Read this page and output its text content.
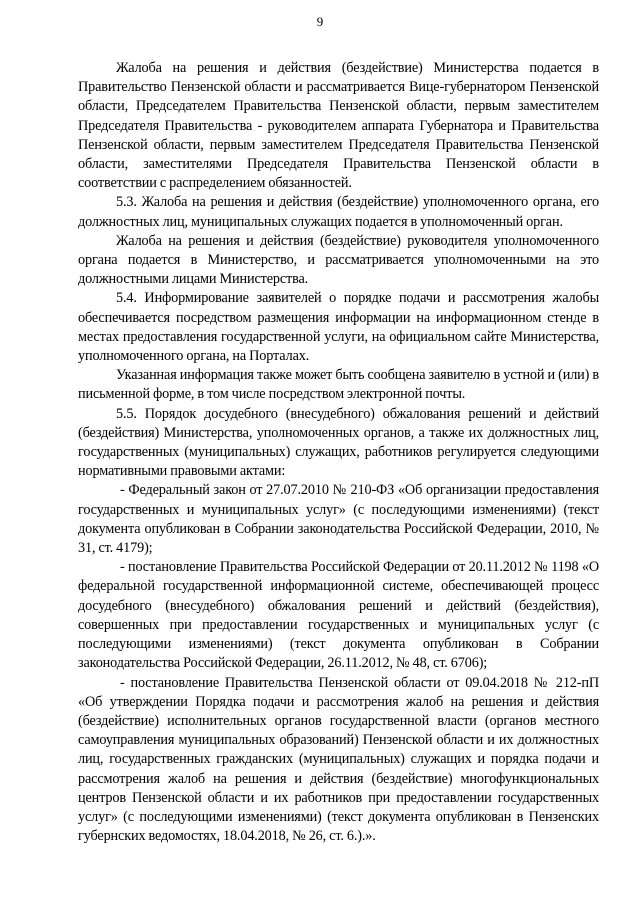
9

Жалоба на решения и действия (бездействие) Министерства подается в Правительство Пензенской области и рассматривается Вице-губернатором Пензенской области, Председателем Правительства Пензенской области, первым заместителем Председателя Правительства - руководителем аппарата Губернатора и Правительства Пензенской области, первым заместителем Председателя Правительства Пензенской области, заместителями Председателя Правительства Пензенской области в соответствии с распределением обязанностей.

5.3. Жалоба на решения и действия (бездействие) уполномоченного органа, его должностных лиц, муниципальных служащих подается в уполномоченный орган.

Жалоба на решения и действия (бездействие) руководителя уполномоченного органа подается в Министерство, и рассматривается уполномоченными на это должностными лицами Министерства.

5.4. Информирование заявителей о порядке подачи и рассмотрения жалобы обеспечивается посредством размещения информации на информационном стенде в местах предоставления государственной услуги, на официальном сайте Министерства, уполномоченного органа, на Порталах.

Указанная информация также может быть сообщена заявителю в устной и (или) в письменной форме, в том числе посредством электронной почты.

5.5. Порядок досудебного (внесудебного) обжалования решений и действий (бездействия) Министерства, уполномоченных органов, а также их должностных лиц, государственных (муниципальных) служащих, работников регулируется следующими нормативными правовыми актами:

- Федеральный закон от 27.07.2010 № 210-ФЗ «Об организации предоставления государственных и муниципальных услуг» (с последующими изменениями) (текст документа опубликован в Собрании законодательства Российской Федерации, 2010, № 31, ст. 4179);

- постановление Правительства Российской Федерации от 20.11.2012 № 1198 «О федеральной государственной информационной системе, обеспечивающей процесс досудебного (внесудебного) обжалования решений и действий (бездействия), совершенных при предоставлении государственных и муниципальных услуг (с последующими изменениями) (текст документа опубликован в Собрании законодательства Российской Федерации, 26.11.2012, № 48, ст. 6706);

- постановление Правительства Пензенской области от 09.04.2018 № 212-пП «Об утверждении Порядка подачи и рассмотрения жалоб на решения и действия (бездействие) исполнительных органов государственной власти (органов местного самоуправления муниципальных образований) Пензенской области и их должностных лиц, государственных гражданских (муниципальных) служащих и порядка подачи и рассмотрения жалоб на решения и действия (бездействие) многофункциональных центров Пензенской области и их работников при предоставлении государственных услуг» (с последующими изменениями) (текст документа опубликован в Пензенских губернских ведомостях, 18.04.2018, № 26, ст. 6.).».
